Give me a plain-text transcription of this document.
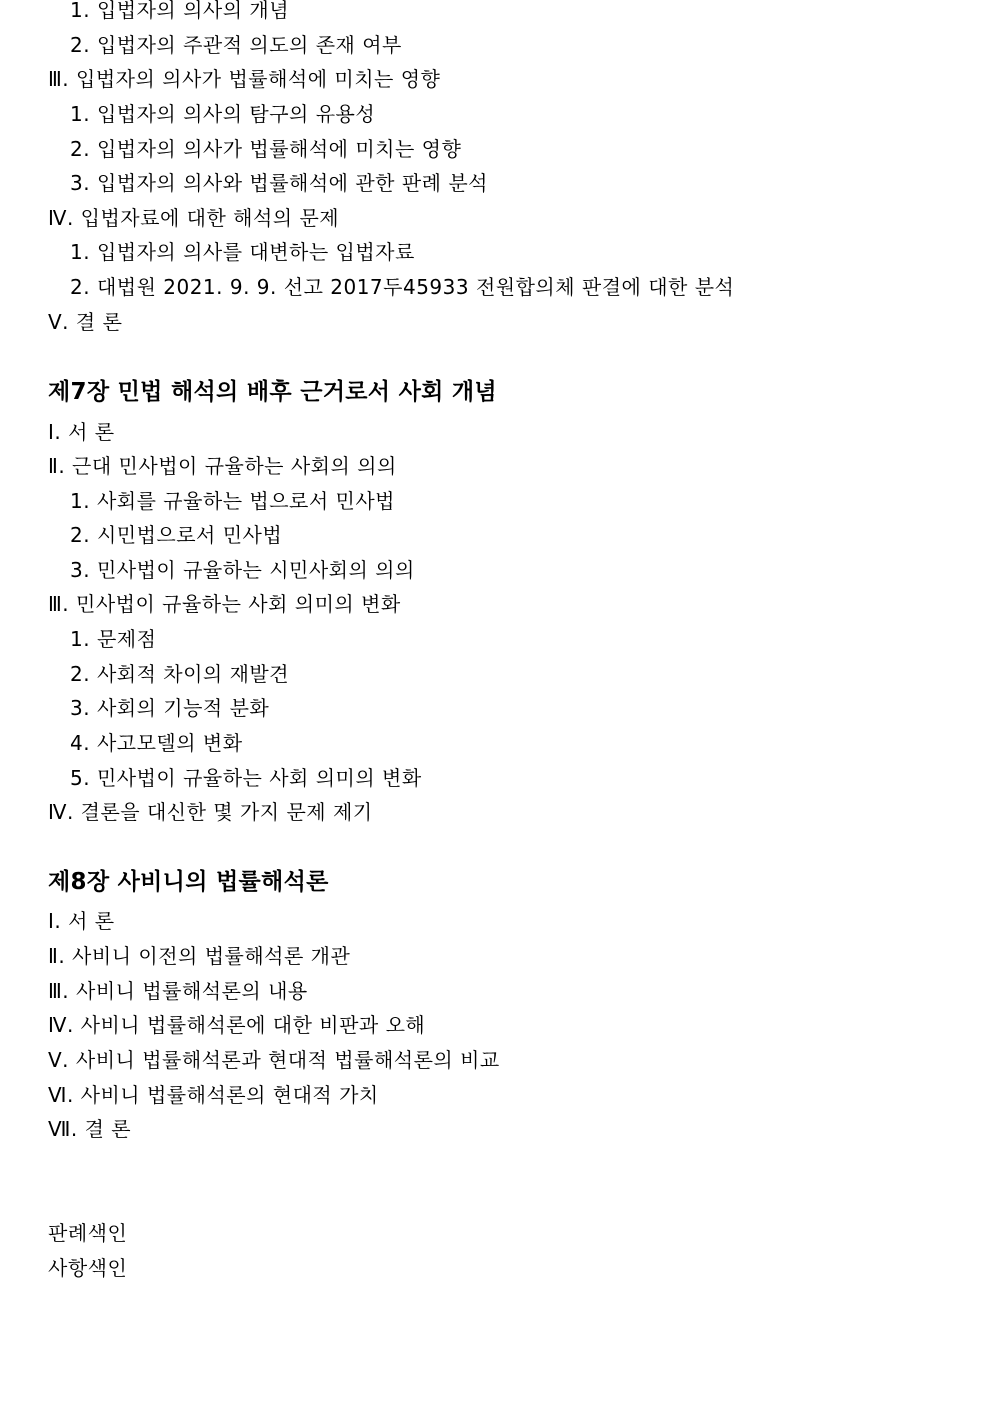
1. 입법자의 의사의 개념
2. 입법자의 주관적 의도의 존재 여부
Ⅲ. 입법자의 의사가 법률해석에 미치는 영향
1. 입법자의 의사의 탐구의 유용성
2. 입법자의 의사가 법률해석에 미치는 영향
3. 입법자의 의사와 법률해석에 관한 판례 분석
Ⅳ. 입법자료에 대한 해석의 문제
1. 입법자의 의사를 대변하는 입법자료
2. 대법원 2021. 9. 9. 선고 2017두45933 전원합의체 판결에 대한 분석
Ⅴ. 결 론
제7장 민법 해석의 배후 근거로서 사회 개념
Ⅰ. 서 론
Ⅱ. 근대 민사법이 규율하는 사회의 의의
1. 사회를 규율하는 법으로서 민사법
2. 시민법으로서 민사법
3. 민사법이 규율하는 시민사회의 의의
Ⅲ. 민사법이 규율하는 사회 의미의 변화
1. 문제점
2. 사회적 차이의 재발견
3. 사회의 기능적 분화
4. 사고모델의 변화
5. 민사법이 규율하는 사회 의미의 변화
Ⅳ. 결론을 대신한 몇 가지 문제 제기
제8장 사비니의 법률해석론
Ⅰ. 서 론
Ⅱ. 사비니 이전의 법률해석론 개관
Ⅲ. 사비니 법률해석론의 내용
Ⅳ. 사비니 법률해석론에 대한 비판과 오해
Ⅴ. 사비니 법률해석론과 현대적 법률해석론의 비교
Ⅵ. 사비니 법률해석론의 현대적 가치
Ⅶ. 결 론
판례색인
사항색인
